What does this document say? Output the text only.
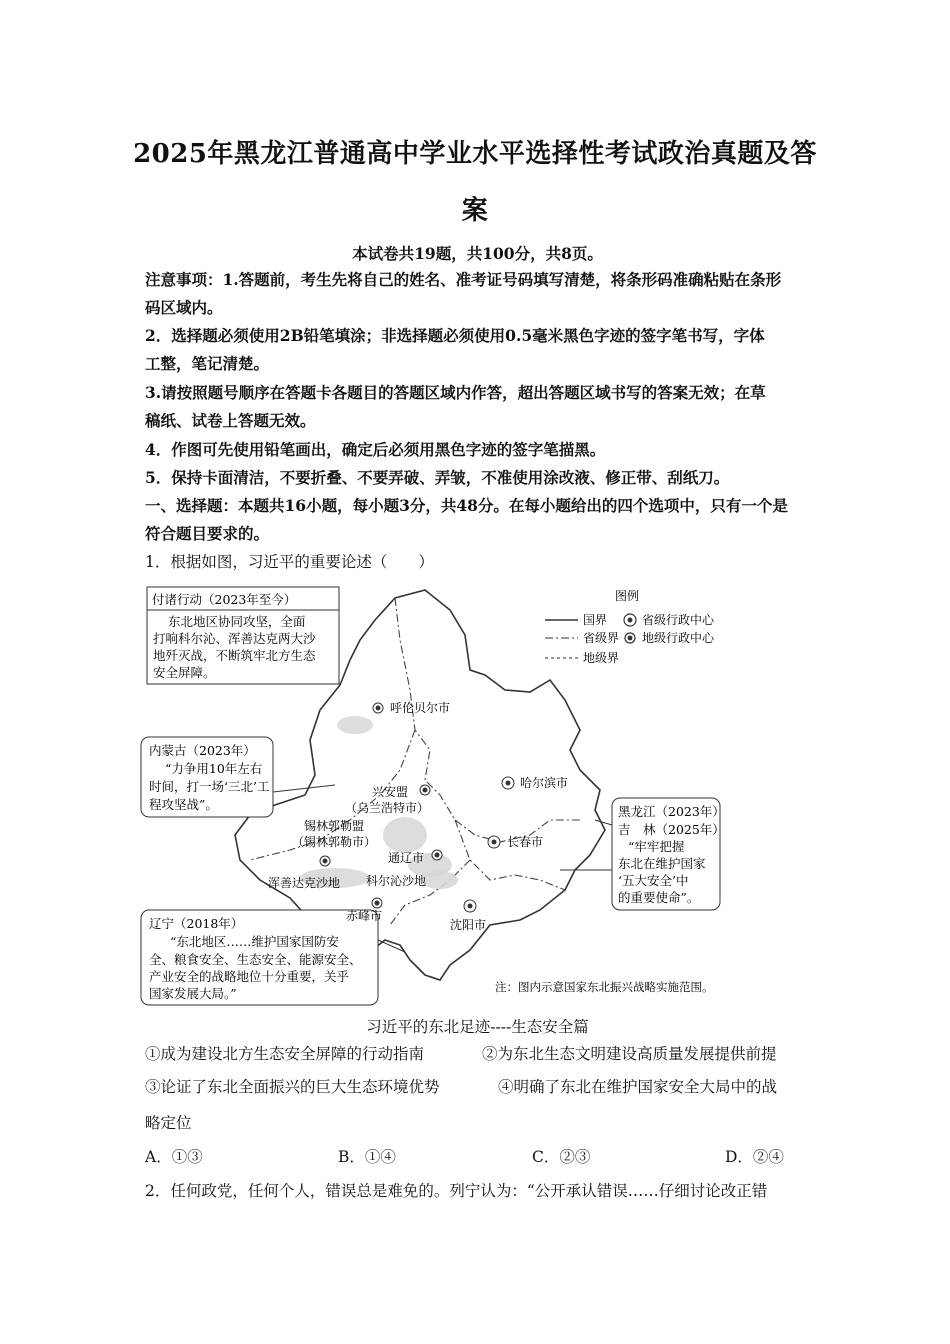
2025年黑龙江普通高中学业水平选择性考试政治真题及答
案
本试卷共19题，共100分，共8页。
注意事项：1.答题前，考生先将自己的姓名、准考证号码填写清楚，将条形码准确粘贴在条形
码区域内。
2．选择题必须使用2B铅笔填涂；非选择题必须使用0.5毫米黑色字迹的签字笔书写，字体
工整，笔记清楚。
3.请按照题号顺序在答题卡各题目的答题区域内作答，超出答题区域书写的答案无效；在草
稿纸、试卷上答题无效。
4．作图可先使用铅笔画出，确定后必须用黑色字迹的签字笔描黑。
5．保持卡面清洁，不要折叠、不要弄破、弄皱，不准使用涂改液、修正带、刮纸刀。
一、选择题：本题共16小题，每小题3分，共48分。在每小题给出的四个选项中，只有一个是
符合题目要求的。
1．根据如图，习近平的重要论述（　　）
付诸行动（2023年至今）
东北地区协同攻坚，全面
打响科尔沁、浑善达克两大沙
地歼灭战，不断筑牢北方生态
安全屏障。
内蒙古（2023年）
“力争用10年左右
时间，打一场‘三北’工
程攻坚战”。	黑龙江（2023年）
吉　林（2025年）
“牢牢把握
东北在维护国家
‘五大安全’中
的重要使命”。
辽宁（2018年）
“东北地区……维护国家国防安
全、粮食安全、生态安全、能源安全、
产业安全的战略地位十分重要，关乎
国家发展大局。”
图例
国界
省级界
地级界
省级行政中心
地级行政中心
呼伦贝尔市
哈尔滨市
兴安盟
（乌兰浩特市）
锡林郭勒盟
（锡林郭勒市）
通辽市
长春市
浑善达克沙地 科尔沁沙地
赤峰市
沈阳市
注：图内示意国家东北振兴战略实施范围。
习近平的东北足迹----生态安全篇
①成为建设北方生态安全屏障的行动指南	②为东北生态文明建设高质量发展提供前提
③论证了东北全面振兴的巨大生态环境优势	④明确了东北在维护国家安全大局中的战
略定位
A．①③	B．①④	C．②③	D．②④
2．任何政党，任何个人，错误总是难免的。列宁认为：“公开承认错误……仔细讨论改正错
